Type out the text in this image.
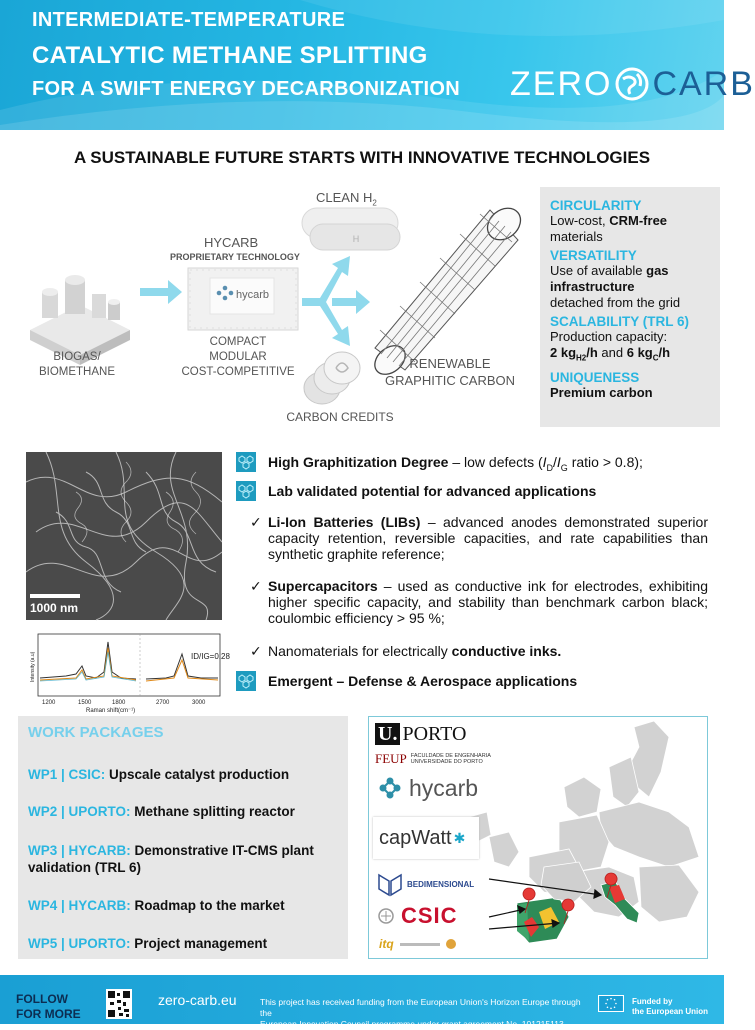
INTERMEDIATE-TEMPERATURE
CATALYTIC METHANE SPLITTING
FOR A SWIFT ENERGY DECARBONIZATION ZERO CARB
A SUSTAINABLE FUTURE STARTS WITH INNOVATIVE TECHNOLOGIES
hycarb
H
CLEAN $H_2$
HYCARB
PROPRIETARY TECHNOLOGY
BIOGAS/
BIOMETHANE
COMPACT
MODULAR
COST-COMPETITIVE
RENEWABLE
GRAPHITIC CARBON
CARBON CREDITS
CIRCULARITY
Low-cost, CRM-free
materials
VERSATILITY
Use of available gas infrastructure
detached from the grid
SCALABILITY (TRL 6)
Production capacity:
2 $kg_{H2}/h$ and 6 $kg_C/h$
UNIQUENESS
Premium carbon
1000 nm
ID/IG=0.28
1200	1500	1800	2700	3000
Raman shift(cm⁻¹)
Intensity (a.u)
High Graphitization Degree – low defects ($I_D/I_G$ ratio > 0.8);
Lab validated potential for advanced applications
✓ Li-Ion Batteries (LIBs) – advanced anodes demonstrated superior capacity retention, reversible capacities, and rate capabilities than synthetic graphite reference;
✓ Supercapacitors – used as conductive ink for electrodes, exhibiting higher specific capacity, and stability than benchmark carbon black; coulombic efficiency > 95 %;
✓ Nanomaterials for electrically conductive inks.
Emergent – Defense & Aerospace applications
WORK PACKAGES
WP1 | CSIC: Upscale catalyst production
WP2 | UPORTO: Methane splitting reactor
WP3 | HYCARB: Demonstrative IT-CMS plant validation (TRL 6)
WP4 | HYCARB: Roadmap to the market
WP5 | UPORTO: Project management
U. PORTO
FEUP FACULDADE DE ENGENHARIA
UNIVERSIDADE DO PORTO
hycarb
capWatt ✱
BEDIMENSIONAL
CSIC
itq
FOLLOW
FOR MORE
zero-carb.eu	This project has received funding from the European Union's Horizon Europe through the
European Innovation Council programme under grant agreement No. 101215113.
Funded by
the European Union
